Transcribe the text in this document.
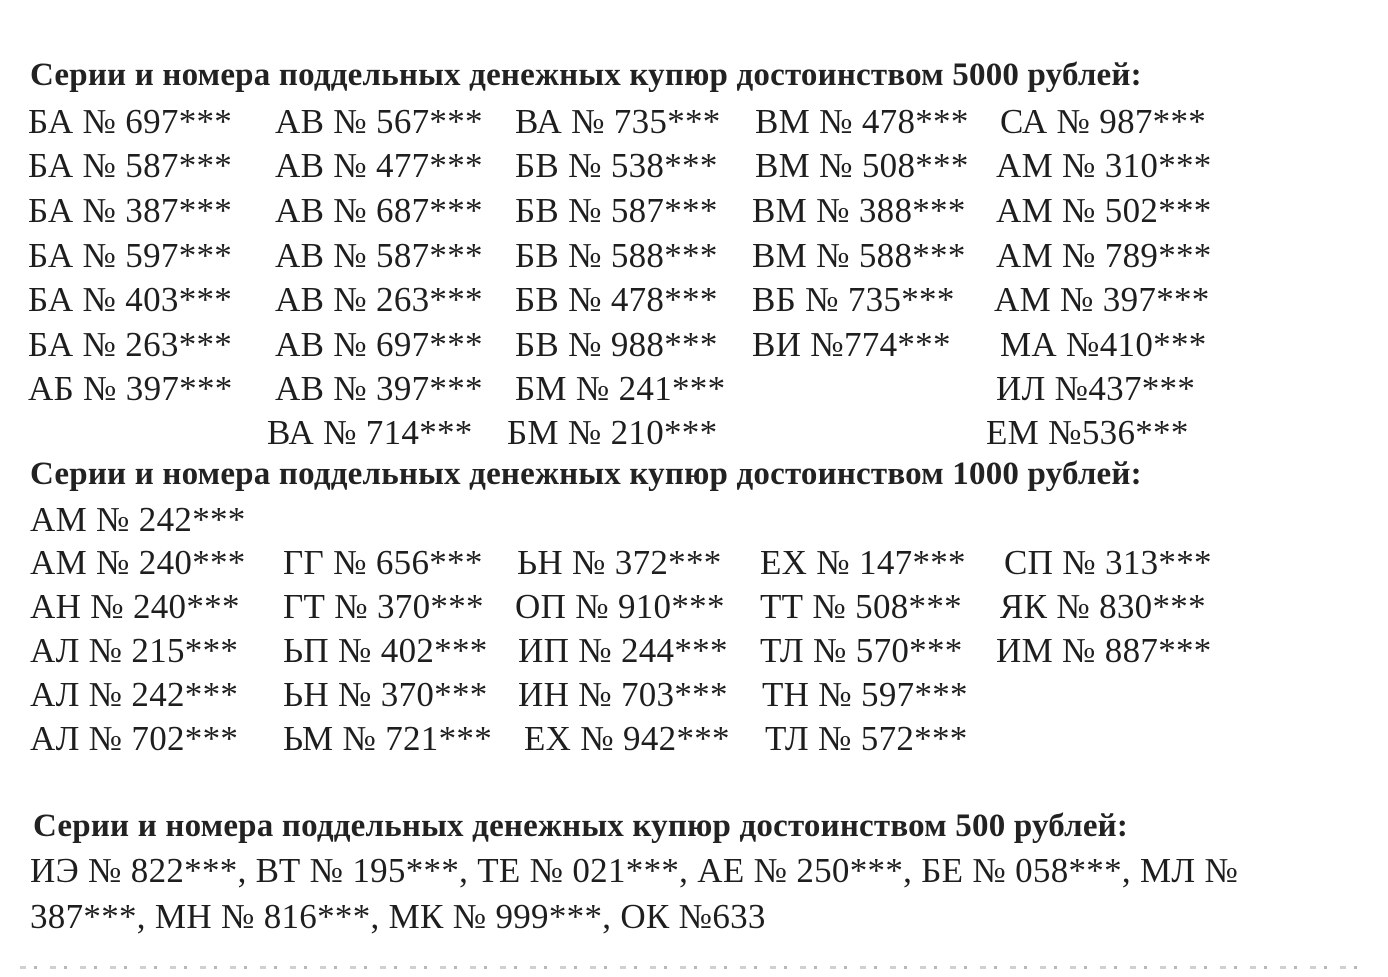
Серии и номера поддельных денежных купюр достоинством 5000 рублей:
БА № 697*** АВ № 567*** ВА № 735*** ВМ № 478*** СА № 987***
БА № 587*** АВ № 477*** БВ № 538*** ВМ № 508*** АМ № 310***
БА № 387*** АВ № 687*** БВ № 587*** ВМ № 388*** АМ № 502***
БА № 597*** АВ № 587*** БВ № 588*** ВМ № 588*** АМ № 789***
БА № 403*** АВ № 263*** БВ № 478*** ВБ № 735*** АМ № 397***
БА № 263*** АВ № 697*** БВ № 988*** ВИ №774*** МА №410***
АБ № 397*** АВ № 397*** БМ № 241***	ИЛ №437***
ВА № 714*** БМ № 210***	ЕМ №536***
Серии и номера поддельных денежных купюр достоинством 1000 рублей:
АМ № 242***
АМ № 240*** ГГ № 656*** ЬН № 372*** ЕХ № 147*** СП № 313***
АН № 240*** ГТ № 370*** ОП № 910*** ТТ № 508*** ЯК № 830***
АЛ № 215*** ЬП № 402*** ИП № 244*** ТЛ № 570*** ИМ № 887***
АЛ № 242*** ЬН № 370*** ИН № 703*** ТН № 597***
АЛ № 702*** ЬМ № 721*** ЕХ № 942*** ТЛ № 572***
Серии и номера поддельных денежных купюр достоинством 500 рублей:
ИЭ № 822***, ВТ № 195***, ТЕ № 021***, АЕ № 250***, БЕ № 058***, МЛ №
387***, МН № 816***, МК № 999***, ОК №633
